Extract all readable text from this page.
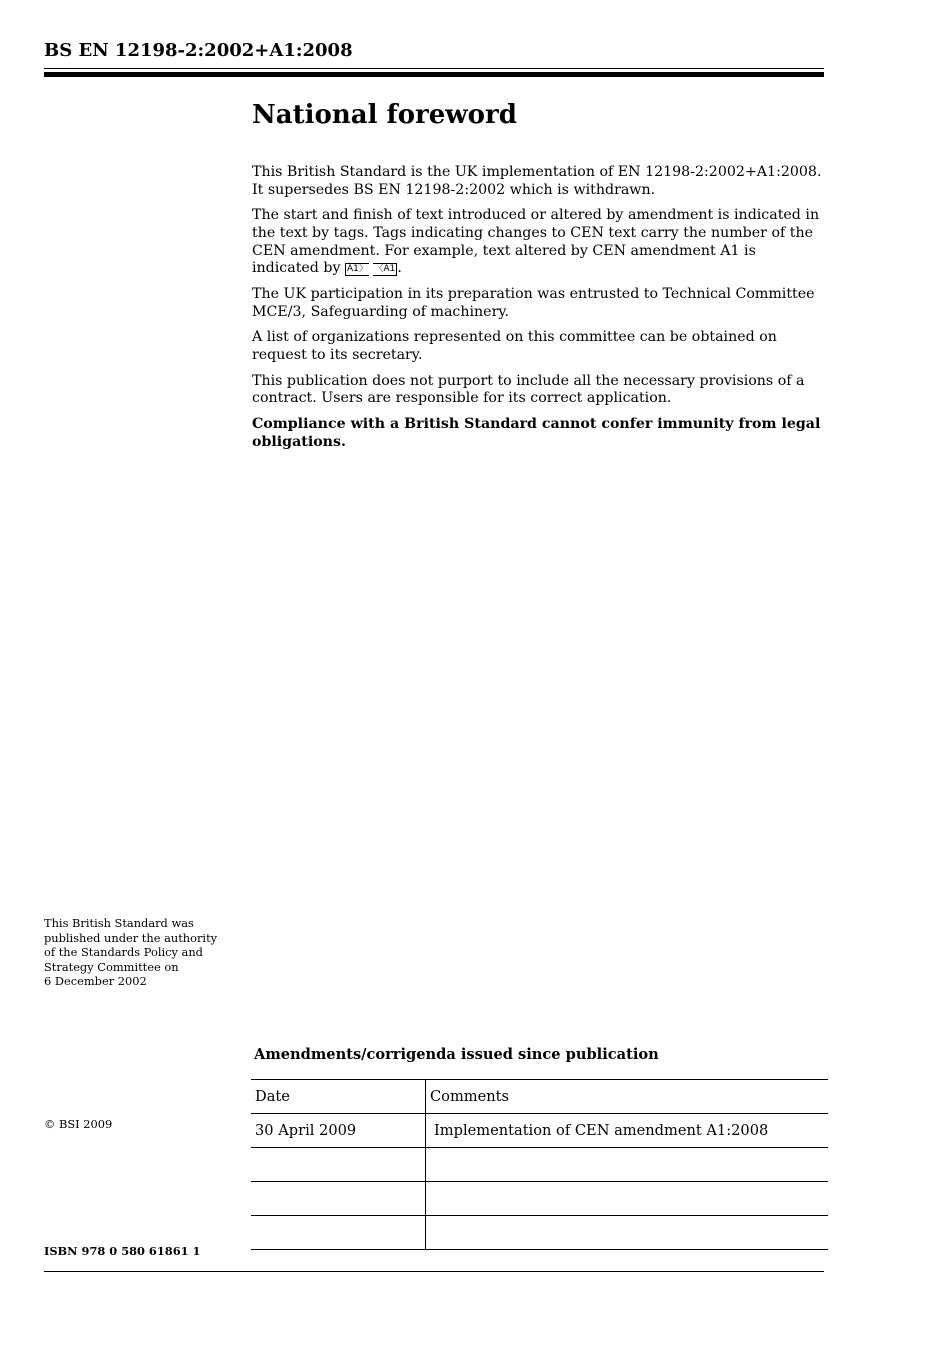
BS EN 12198-2:2002+A1:2008
National foreword

This British Standard is the UK implementation of EN 12198-2:2002+A1:2008. It supersedes BS EN 12198-2:2002 which is withdrawn.

The start and finish of text introduced or altered by amendment is indicated in the text by tags. Tags indicating changes to CEN text carry the number of the CEN amendment. For example, text altered by CEN amendment A1 is indicated by A1 〉	〈 A1 .

The UK participation in its preparation was entrusted to Technical Committee MCE/3, Safeguarding of machinery.

A list of organizations represented on this committee can be obtained on request to its secretary.

This publication does not purport to include all the necessary provisions of a contract. Users are responsible for its correct application.

Compliance with a British Standard cannot confer immunity from legal obligations.

This British Standard was
published under the authority
of the Standards Policy and
Strategy Committee on
6 December 2002
Amendments/corrigenda issued since publication
Date	Comments
30 April 2009	Implementation of CEN amendment A1:2008

© BSI 2009
ISBN 978 0 580 61861 1
